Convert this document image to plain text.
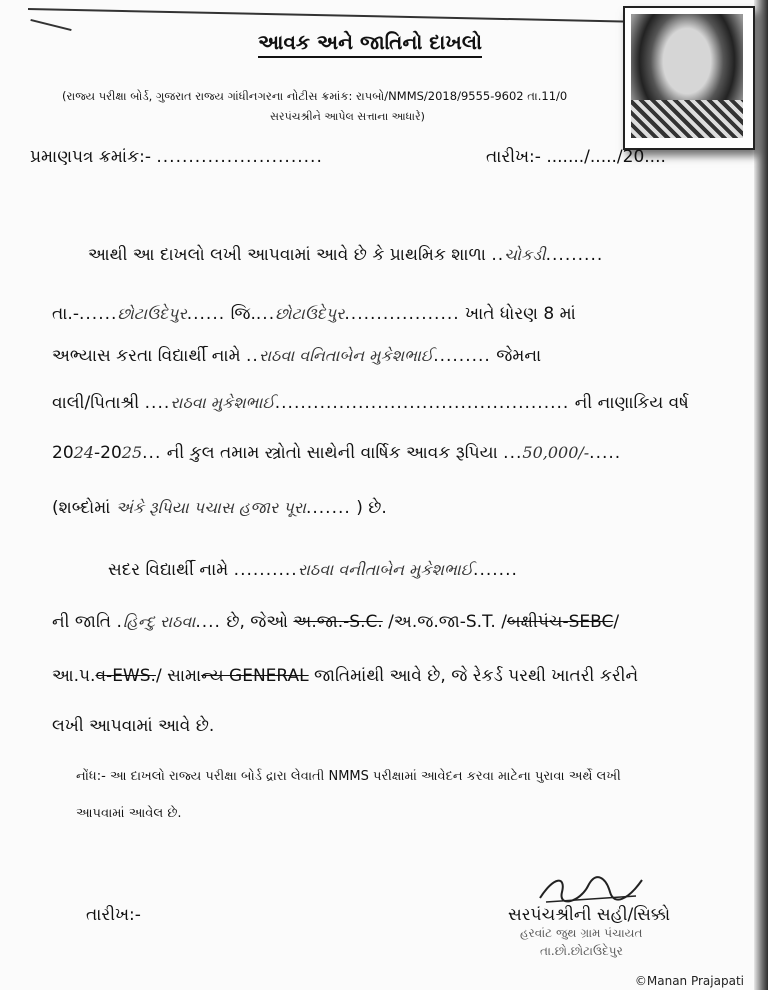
આવક અને જાતિનો દાખલો
(રાજ્ય પરીક્ષા બોર્ડ, ગુજરાત રાજ્ય ગાંધીનગરના નોટીસ ક્રમાંક: રાપબો/NMMS/2018/9555-9602 તા.11/0
સરપંચશ્રીને આપેલ સત્તાના આધારે)
પ્રમાણપત્ર ક્રમાંક:- ..........................	તારીખ:- ......./...../20....
આથી આ દાખલો લખી આપવામાં આવે છે કે પ્રાથમિક શાળા ..ચોકડી.........
તા.-......છોટાઉદેપુર...... જિ....છોટાઉદેપુર.................. ખાતે ધોરણ 8 માં
અભ્યાસ કરતા વિદ્યાર્થી નામે ..રાઠવા વનિતાબેન મુકેશભાઈ......... જેમના
વાલી/પિતાશ્રી ....રાઠવા મુકેશભાઈ.............................................. ની નાણાકિય વર્ષ
2024-2025... ની કુલ તમામ સ્ત્રોતો સાથેની વાર્ષિક આવક રૂપિયા ...50,000/-.....
(શબ્દોમાં અંકે રૂપિયા પચાસ હજાર પૂરા....... ) છે.
સદર વિદ્યાર્થી નામે ..........રાઠવા વનીતાબેન મુકેશભાઈ.......
ની જાતિ .હિન્દુ રાઠવા.... છે, જેઓ અ.જા.-S.C. /અ.જ.જા-S.T. /બક્ષીપંચ-SEBC/
આ.પ.વ-EWS./ સામાન્ય GENERAL જાતિમાંથી આવે છે, જે રેકર્ડ પરથી ખાતરી કરીને
લખી આપવામાં આવે છે.
નોંધ:- આ દાખલો રાજ્ય પરીક્ષા બોર્ડ દ્રારા લેવાતી NMMS પરીક્ષામાં આવેદન કરવા માટેના પુરાવા અર્થે લખી
આપવામાં આવેલ છે.
તારીખ:-	સરપંચશ્રીની સહી/સિક્કો
હરવાંટ જુથ ગ્રામ પંચાયત
તા.છો.છોટાઉદેપુર
©Manan Prajapati
